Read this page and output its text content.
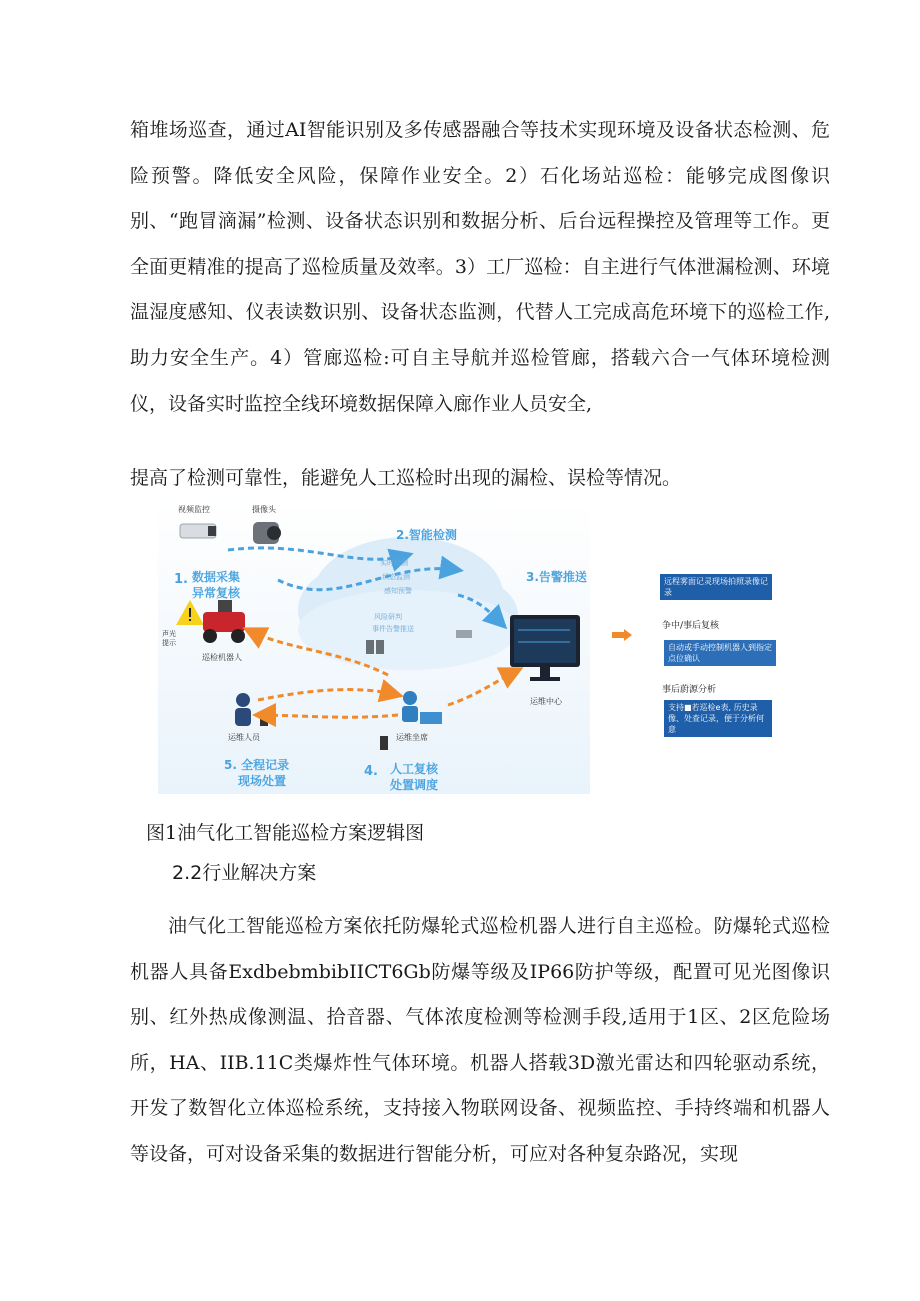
箱堆场巡查，通过AI智能识别及多传感器融合等技术实现环境及设备状态检测、危险预警。降低安全风险，保障作业安全。2）石化场站巡检：能够完成图像识别、“跑冒滴漏”检测、设备状态识别和数据分析、后台远程操控及管理等工作。更全面更精准的提高了巡检质量及效率。3）工厂巡检：自主进行气体泄漏检测、环境温湿度感知、仪表读数识别、设备状态监测，代替人工完成高危环境下的巡检工作,助力安全生产。4）管廊巡检:可自主导航并巡检管廊，搭载六合一气体环境检测仪，设备实时监控全线环境数据保障入廊作业人员安全,

提高了检测可靠性，能避免人工巡检时出现的漏检、误检等情况。

视频监控	摄像头
2.智能检测
1. 数据采集
异常复核
3.告警推送
实时检测
状态监测
感知预警
风险研判
事件告警推送
声光提示
巡检机器人
运维中心
运维人员	运维坐席
5. 全程记录
现场处置
4. 人工复核
处置调度
远程雾面记灵现场拍照录像记录
争中/事后复核
自动或手动控制机器人到指定点位确认
事后蔚源分析
支持■若巡检e表, 历史录像、处查记录，便于分析何意
图1油气化工智能巡检方案逻辑图
2.2行业解决方案

油气化工智能巡检方案依托防爆轮式巡检机器人进行自主巡检。防爆轮式巡检机器人具备ExdbebmbibIICT6Gb防爆等级及IP66防护等级，配置可见光图像识别、红外热成像测温、拾音器、气体浓度检测等检测手段,适用于1区、2区危险场所，HA、IIB.11C类爆炸性气体环境。机器人搭载3D激光雷达和四轮驱动系统，开发了数智化立体巡检系统，支持接入物联网设备、视频监控、手持终端和机器人等设备，可对设备采集的数据进行智能分析，可应对各种复杂路况，实现
